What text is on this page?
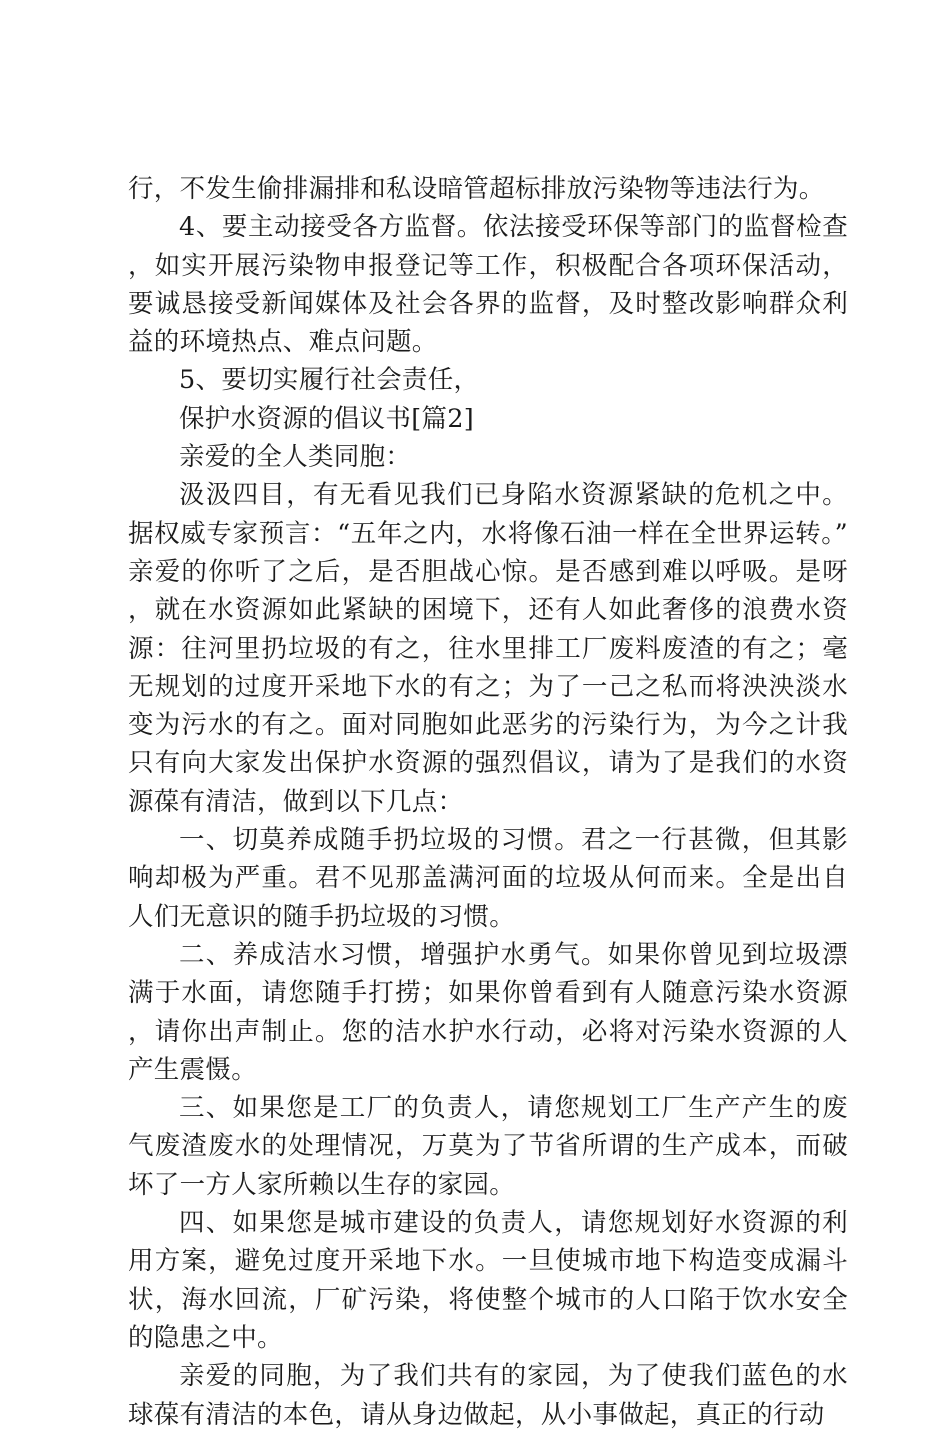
行，不发生偷排漏排和私设暗管超标排放污染物等违法行为。

4、要主动接受各方监督。依法接受环保等部门的监督检查，如实开展污染物申报登记等工作，积极配合各项环保活动，要诚恳接受新闻媒体及社会各界的监督，及时整改影响群众利益的环境热点、难点问题。

5、要切实履行社会责任，

保护水资源的倡议书[篇2]

亲爱的全人类同胞：

汲汲四目，有无看见我们已身陷水资源紧缺的危机之中。据权威专家预言：“五年之内，水将像石油一样在全世界运转。”亲爱的你听了之后，是否胆战心惊。是否感到难以呼吸。是呀，就在水资源如此紧缺的困境下，还有人如此奢侈的浪费水资源：往河里扔垃圾的有之，往水里排工厂废料废渣的有之；毫无规划的过度开采地下水的有之；为了一己之私而将泱泱淡水变为污水的有之。面对同胞如此恶劣的污染行为，为今之计我只有向大家发出保护水资源的强烈倡议，请为了是我们的水资源葆有清洁，做到以下几点：

一、切莫养成随手扔垃圾的习惯。君之一行甚微，但其影响却极为严重。君不见那盖满河面的垃圾从何而来。全是出自人们无意识的随手扔垃圾的习惯。

二、养成洁水习惯，增强护水勇气。如果你曾见到垃圾漂满于水面，请您随手打捞；如果你曾看到有人随意污染水资源，请你出声制止。您的洁水护水行动，必将对污染水资源的人产生震慑。

三、如果您是工厂的负责人，请您规划工厂生产产生的废气废渣废水的处理情况，万莫为了节省所谓的生产成本，而破坏了一方人家所赖以生存的家园。

四、如果您是城市建设的负责人，请您规划好水资源的利用方案，避免过度开采地下水。一旦使城市地下构造变成漏斗状，海水回流，厂矿污染，将使整个城市的人口陷于饮水安全的隐患之中。

亲爱的同胞，为了我们共有的家园，为了使我们蓝色的水球葆有清洁的本色，请从身边做起，从小事做起，真正的行动
